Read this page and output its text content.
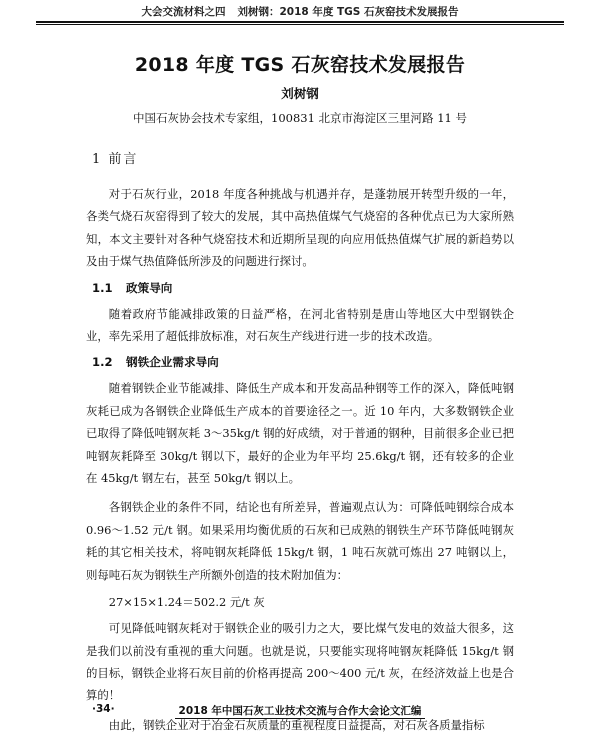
大会交流材料之四 刘树钢：2018 年度 TGS 石灰窑技术发展报告
2018 年度 TGS 石灰窑技术发展报告
刘树钢
中国石灰协会技术专家组，100831 北京市海淀区三里河路 11 号
1 前言

对于石灰行业，2018 年度各种挑战与机遇并存，是蓬勃展开转型升级的一年，各类气烧石灰窑得到了较大的发展，其中高热值煤气气烧窑的各种优点已为大家所熟知，本文主要针对各种气烧窑技术和近期所呈现的向应用低热值煤气扩展的新趋势以及由于煤气热值降低所涉及的问题进行探讨。

1.1 政策导向

随着政府节能减排政策的日益严格，在河北省特别是唐山等地区大中型钢铁企业，率先采用了超低排放标准，对石灰生产线进行进一步的技术改造。

1.2 钢铁企业需求导向

随着钢铁企业节能减排、降低生产成本和开发高品种钢等工作的深入，降低吨钢灰耗已成为各钢铁企业降低生产成本的首要途径之一。近 10 年内，大多数钢铁企业已取得了降低吨钢灰耗 3～35kg/t 钢的好成绩，对于普通的钢种，目前很多企业已把吨钢灰耗降至 30kg/t 钢以下，最好的企业为年平均 25.6kg/t 钢，还有较多的企业在 45kg/t 钢左右，甚至 50kg/t 钢以上。

各钢铁企业的条件不同，结论也有所差异，普遍观点认为：可降低吨钢综合成本 0.96～1.52 元/t 钢。如果采用均衡优质的石灰和已成熟的钢铁生产环节降低吨钢灰耗的其它相关技术，将吨钢灰耗降低 15kg/t 钢，1 吨石灰就可炼出 27 吨钢以上，则每吨石灰为钢铁生产所额外创造的技术附加值为：

27×15×1.24＝502.2 元/t 灰

可见降低吨钢灰耗对于钢铁企业的吸引力之大，要比煤气发电的效益大很多，这是我们以前没有重视的重大问题。也就是说，只要能实现将吨钢灰耗降低 15kg/t 钢的目标，钢铁企业将石灰目前的价格再提高 200～400 元/t 灰，在经济效益上也是合算的！

由此，钢铁企业对于冶金石灰质量的重视程度日益提高，对石灰各质量指标

·34·	2018 年中国石灰工业技术交流与合作大会论文汇编
